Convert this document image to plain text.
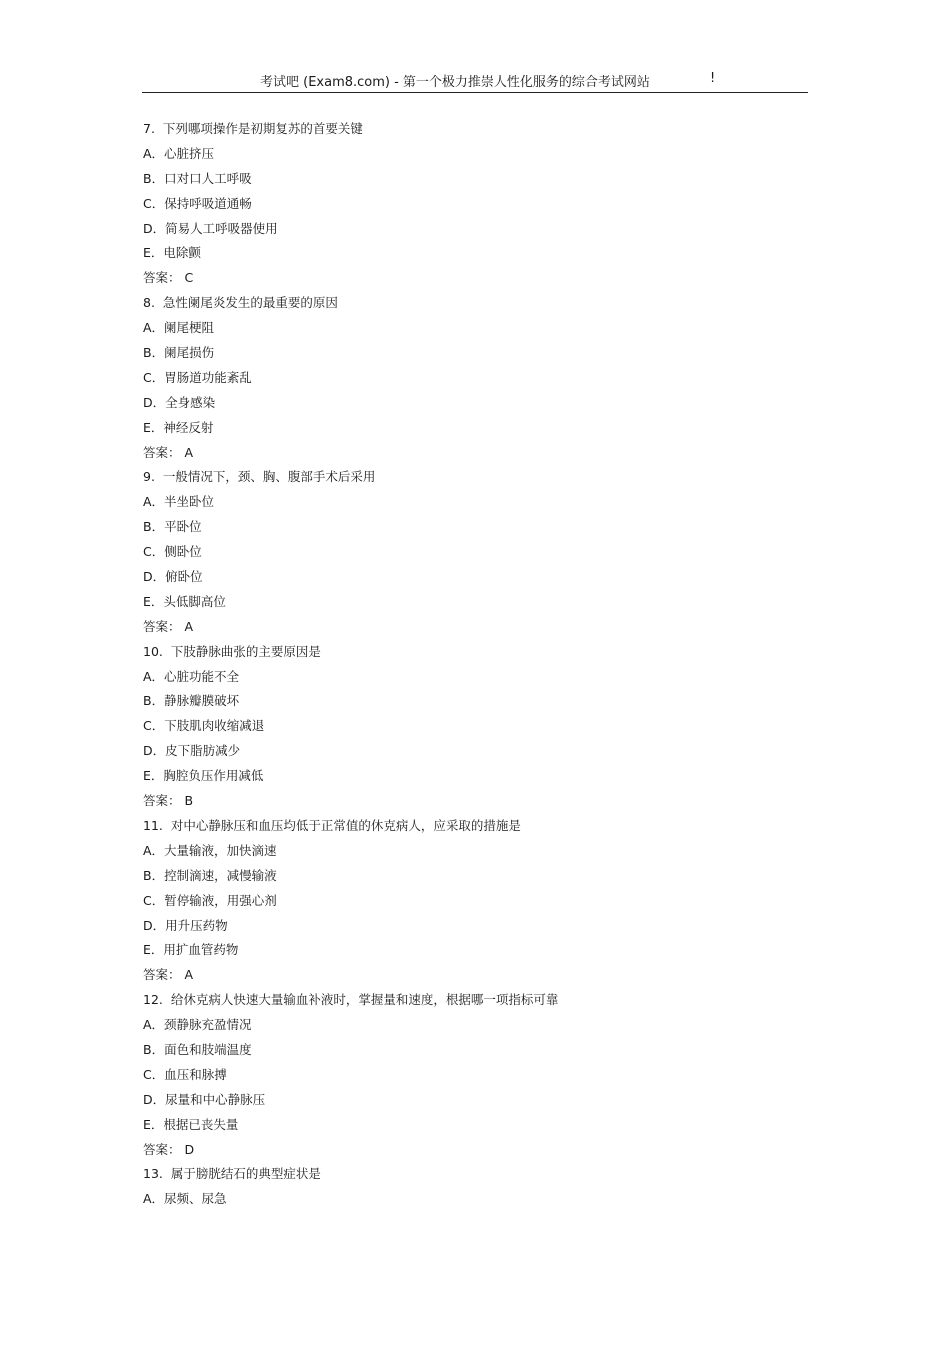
考试吧 (Exam8.com) - 第一个极力推崇人性化服务的综合考试网站	!
7.  下列哪项操作是初期复苏的首要关键
A．心脏挤压
B．口对口人工呼吸
C．保持呼吸道通畅
D．简易人工呼吸器使用
E．电除颤
答案： C
8.  急性阑尾炎发生的最重要的原因
A．阑尾梗阻
B．阑尾损伤
C．胃肠道功能紊乱
D．全身感染
E．神经反射
答案： A
9.  一般情况下，颈、胸、腹部手术后采用
A．半坐卧位
B．平卧位
C．侧卧位
D．俯卧位
E．头低脚高位
答案： A
10.  下肢静脉曲张的主要原因是
A．心脏功能不全
B．静脉瓣膜破坏
C．下肢肌肉收缩减退
D．皮下脂肪减少
E．胸腔负压作用减低
答案： B
11.  对中心静脉压和血压均低于正常值的休克病人，应采取的措施是
A．大量输液，加快滴速
B．控制滴速，减慢输液
C．暂停输液，用强心剂
D．用升压药物
E．用扩血管药物
答案： A
12.  给休克病人快速大量输血补液时，掌握量和速度，根据哪一项指标可靠
A．颈静脉充盈情况
B．面色和肢端温度
C．血压和脉搏
D．尿量和中心静脉压
E．根据已丧失量
答案： D
13.  属于膀胱结石的典型症状是
A．尿频、尿急
